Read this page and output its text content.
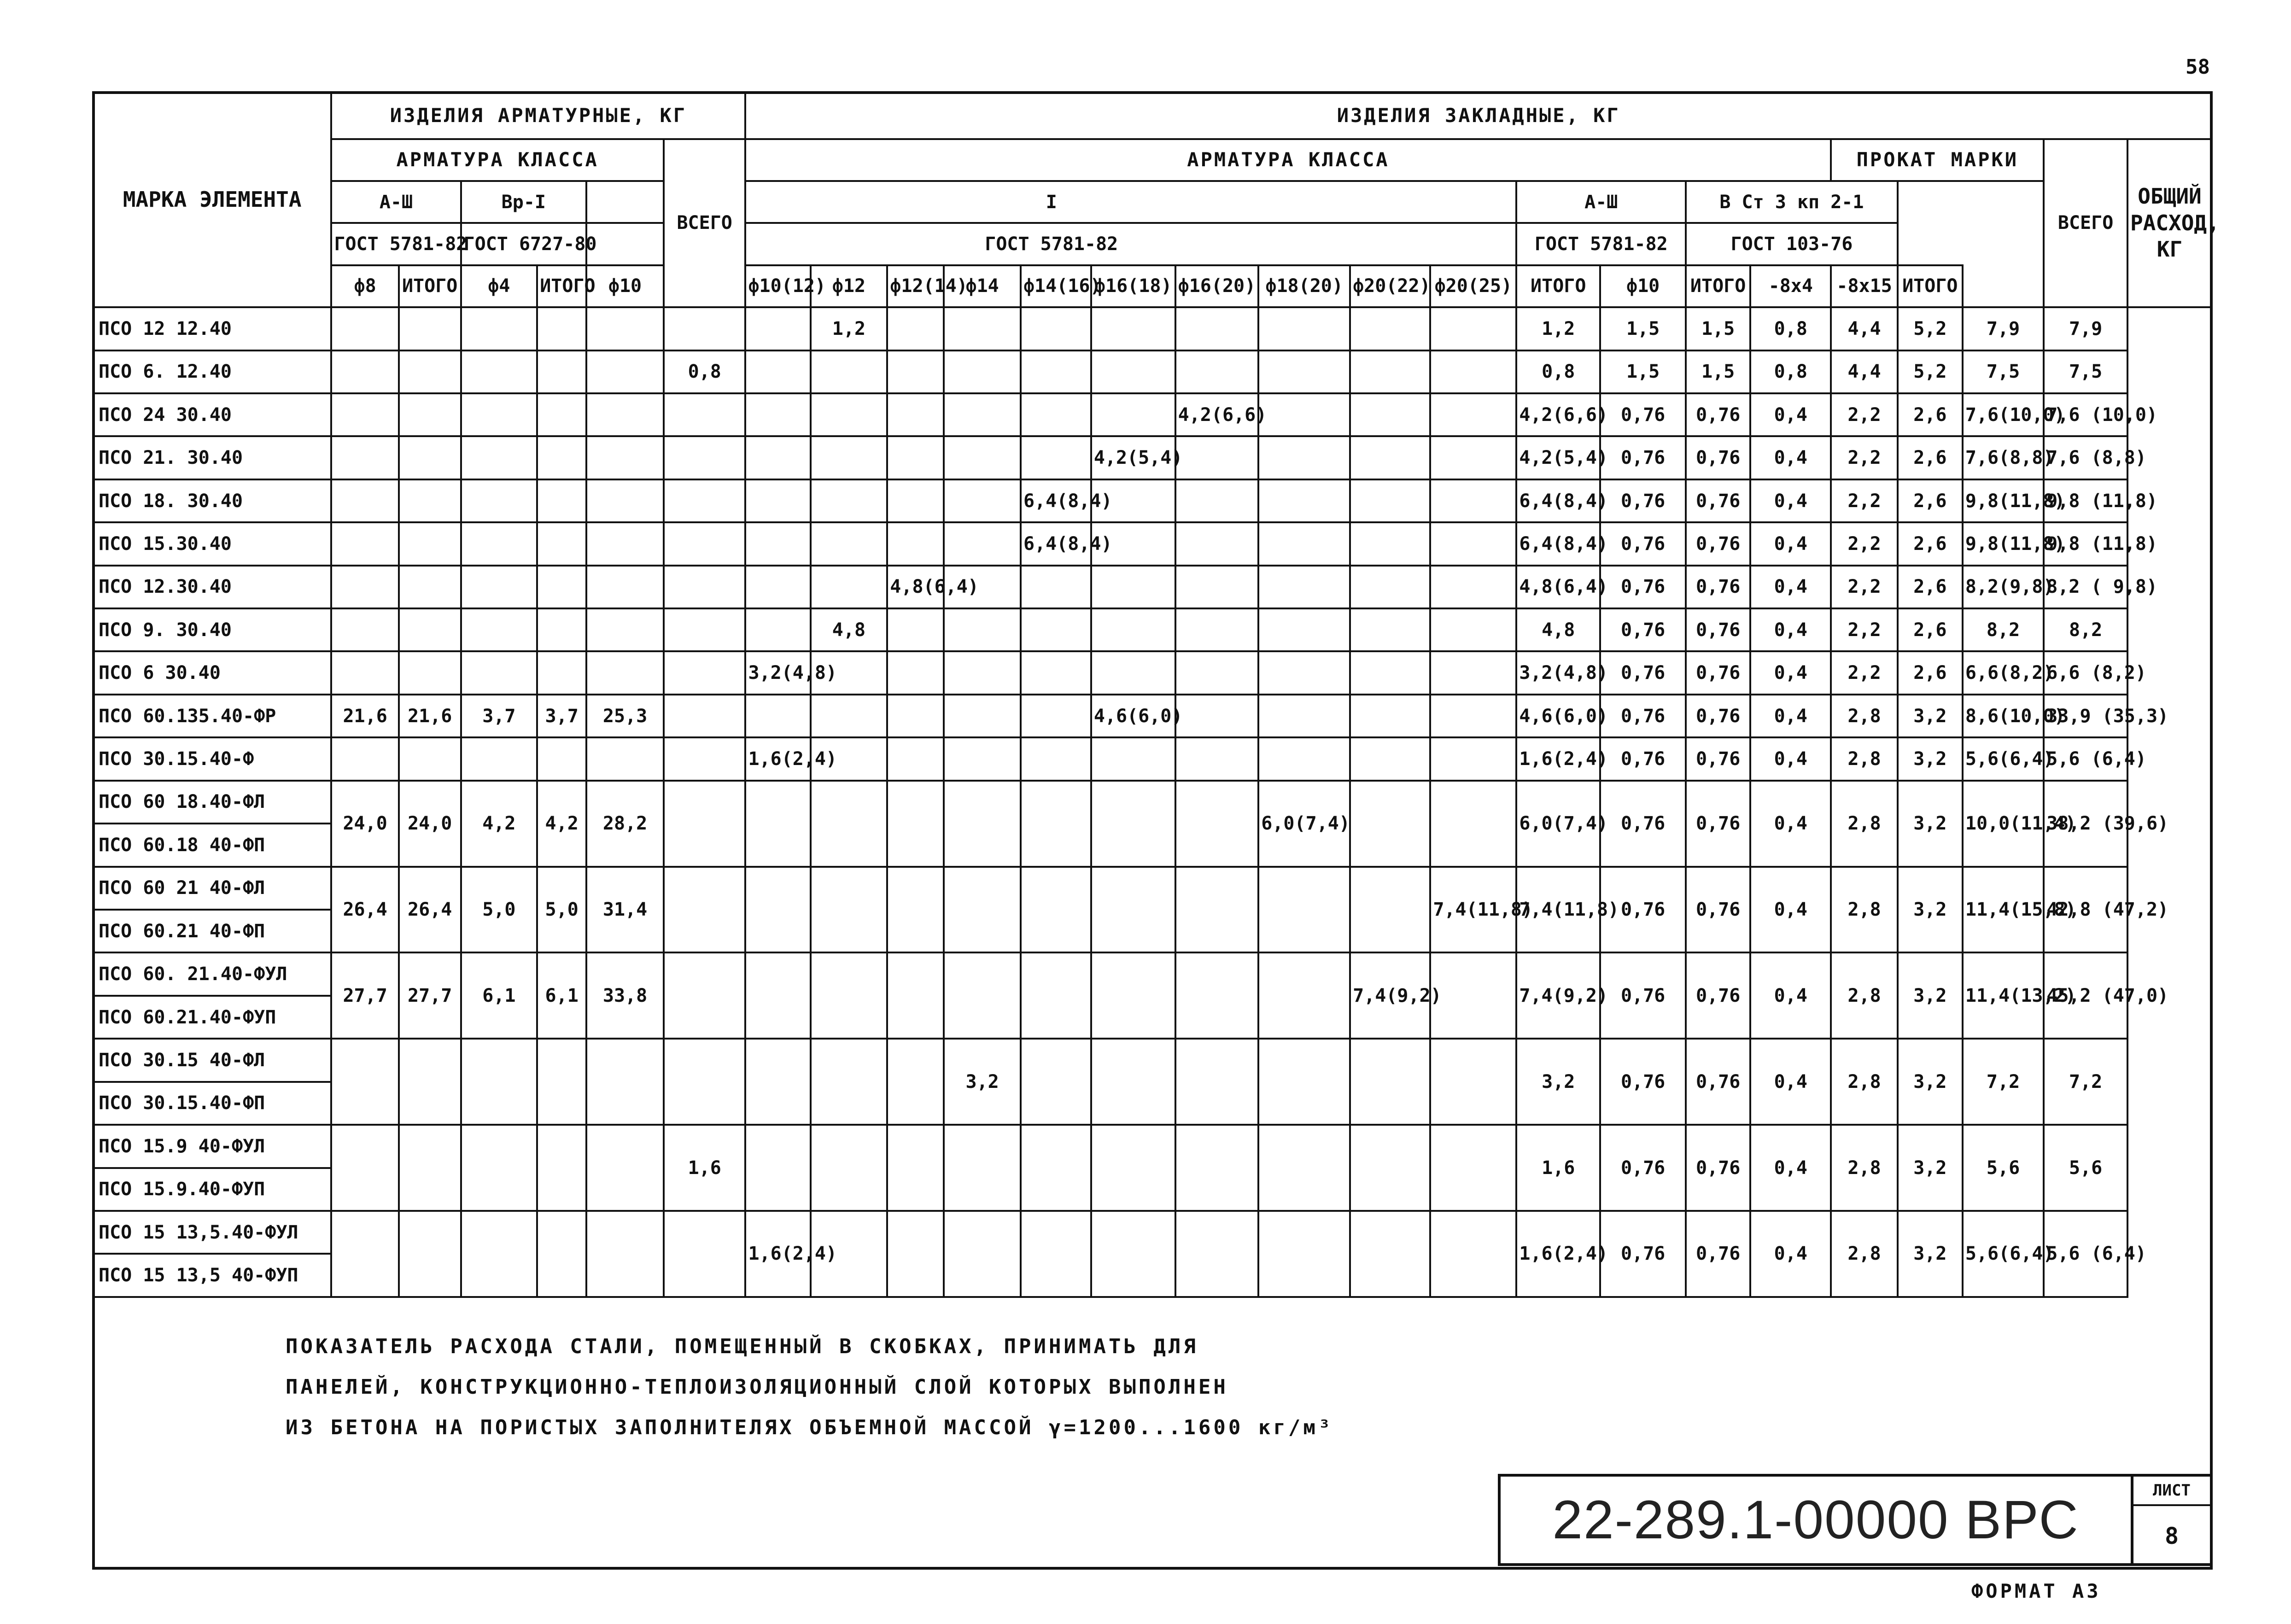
58
МАРКА ЭЛЕМЕНТА	ИЗДЕЛИЯ АРМАТУРНЫЕ, КГ						ИЗДЕЛИЯ ЗАКЛАДНЫЕ, КГ																		
	АРМАТУРА КЛАССА					ВСЕГО	АРМАТУРА КЛАССА														ПРОКАТ МАРКИ			ВСЕГО	ОБЩИЙ РАСХОД, КГ
	А-Ш		Вр-I		I												А-Ш		В Ст 3 кп 2-1						
	ГОСТ 5781-82		ГОСТ 6727-80		ГОСТ 5781-82												ГОСТ 5781-82		ГОСТ 103-76						
	ф8	ИТОГО	ф4	ИТОГО	ф10		ф10(12)	ф12	ф12(14)	ф14	ф14(16)	ф16(18)	ф16(20)	ф18(20)	ф20(22)	ф20(25)	ИТОГО	ф10	ИТОГО	-8х4	-8х15	ИТОГО			
ПСО 12 12.40								1,2									1,2	1,5	1,5	0,8	4,4	5,2	7,9	7,9	
ПСО 6. 12.40						0,8											0,8	1,5	1,5	0,8	4,4	5,2	7,5	7,5	
ПСО 24 30.40													4,2(6,6)				4,2(6,6)	0,76	0,76	0,4	2,2	2,6	7,6(10,0)	7,6 (10,0)	
ПСО 21. 30.40												4,2(5,4)					4,2(5,4)	0,76	0,76	0,4	2,2	2,6	7,6(8,8)	7,6 (8,8)	
ПСО 18. 30.40											6,4(8,4)						6,4(8,4)	0,76	0,76	0,4	2,2	2,6	9,8(11,8)	9,8 (11,8)	
ПСО 15.30.40											6,4(8,4)						6,4(8,4)	0,76	0,76	0,4	2,2	2,6	9,8(11,8)	9,8 (11,8)	
ПСО 12.30.40									4,8(6,4)								4,8(6,4)	0,76	0,76	0,4	2,2	2,6	8,2(9,8)	8,2 ( 9,8)	
ПСО 9. 30.40								4,8									4,8	0,76	0,76	0,4	2,2	2,6	8,2	8,2	
ПСО 6 30.40							3,2(4,8)										3,2(4,8)	0,76	0,76	0,4	2,2	2,6	6,6(8,2)	6,6 (8,2)	
ПСО 60.135.40-ФР	21,6	21,6	3,7	3,7	25,3							4,6(6,0)					4,6(6,0)	0,76	0,76	0,4	2,8	3,2	8,6(10,0)	33,9 (35,3)	
ПСО 30.15.40-Ф							1,6(2,4)										1,6(2,4)	0,76	0,76	0,4	2,8	3,2	5,6(6,4)	5,6 (6,4)	
ПСО 60 18.40-ФЛ	24,0	24,0	4,2	4,2	28,2									6,0(7,4)			6,0(7,4)	0,76	0,76	0,4	2,8	3,2	10,0(11,4)	38,2 (39,6)	
ПСО 60.18 40-ФП																									
ПСО 60 21 40-ФЛ	26,4	26,4	5,0	5,0	31,4											7,4(11,8)	7,4(11,8)	0,76	0,76	0,4	2,8	3,2	11,4(15,8)	42,8 (47,2)	
ПСО 60.21 40-ФП																									
ПСО 60. 21.40-ФУЛ	27,7	27,7	6,1	6,1	33,8										7,4(9,2)		7,4(9,2)	0,76	0,76	0,4	2,8	3,2	11,4(13,2)	45,2 (47,0)	
ПСО 60.21.40-ФУП																									
ПСО 30.15 40-ФЛ										3,2							3,2	0,76	0,76	0,4	2,8	3,2	7,2	7,2	
ПСО 30.15.40-ФП																									
ПСО 15.9 40-ФУЛ						1,6											1,6	0,76	0,76	0,4	2,8	3,2	5,6	5,6	
ПСО 15.9.40-ФУП																									
ПСО 15 13,5.40-ФУЛ							1,6(2,4)										1,6(2,4)	0,76	0,76	0,4	2,8	3,2	5,6(6,4)	5,6 (6,4)	
ПСО 15 13,5 40-ФУП																									
ПОКАЗАТЕЛЬ РАСХОДА СТАЛИ, ПОМЕЩЕННЫЙ В СКОБКАХ, ПРИНИМАТЬ ДЛЯ
ПАНЕЛЕЙ, КОНСТРУКЦИОННО-ТЕПЛОИЗОЛЯЦИОННЫЙ СЛОЙ КОТОРЫХ ВЫПОЛНЕН
ИЗ БЕТОНА НА ПОРИСТЫХ ЗАПОЛНИТЕЛЯХ ОБЪЕМНОЙ МАССОЙ γ=1200...1600 кг/м³
22-289.1-00000 ВРС	ЛИСТ
8
ФОРМАТ А3
